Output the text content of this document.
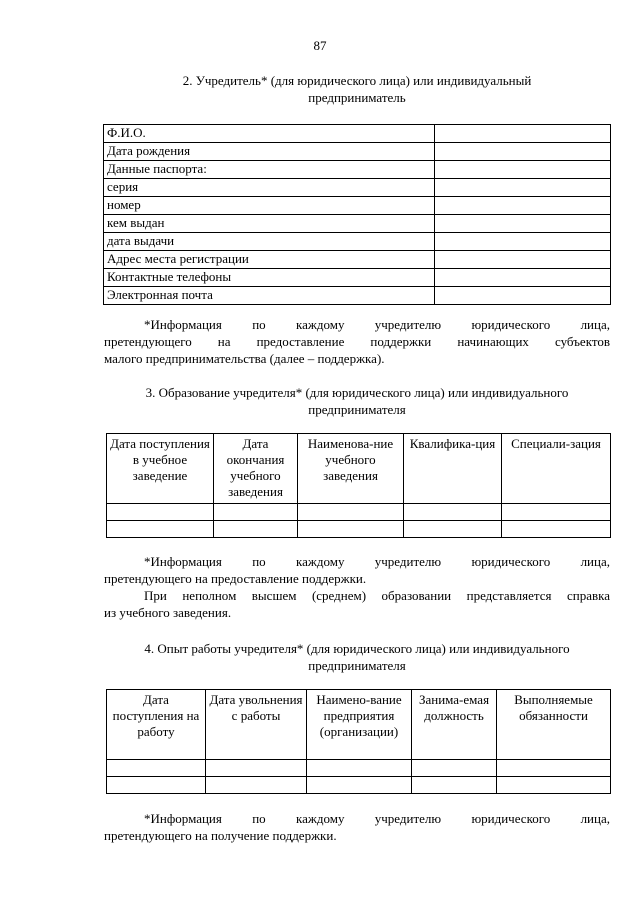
87
2. Учредитель* (для юридического лица) или индивидуальный
предприниматель
Ф.И.О.	
Дата рождения	
Данные паспорта:	
серия	
номер	
кем выдан	
дата выдачи	
Адрес места регистрации	
Контактные телефоны	
Электронная почта	
*Информация по каждому учредителю юридического лица,
претендующего на предоставление поддержки начинающих субъектов
малого предпринимательства (далее – поддержка).
3. Образование учредителя* (для юридического лица) или индивидуального
предпринимателя
Дата поступления в учебное заведение	Дата окончания учебного заведения	Наименова-ние учебного заведения	Квалифика-ция	Специали-зация

*Информация по каждому учредителю юридического лица,
претендующего на предоставление поддержки.
При неполном высшем (среднем) образовании представляется справка
из учебного заведения.
4. Опыт работы учредителя* (для юридического лица) или индивидуального
предпринимателя
Дата поступления на работу	Дата увольнения с работы	Наимено-вание предприятия (организации)	Занима-емая должность	Выполняемые обязанности

*Информация по каждому учредителю юридического лица,
претендующего на получение поддержки.
